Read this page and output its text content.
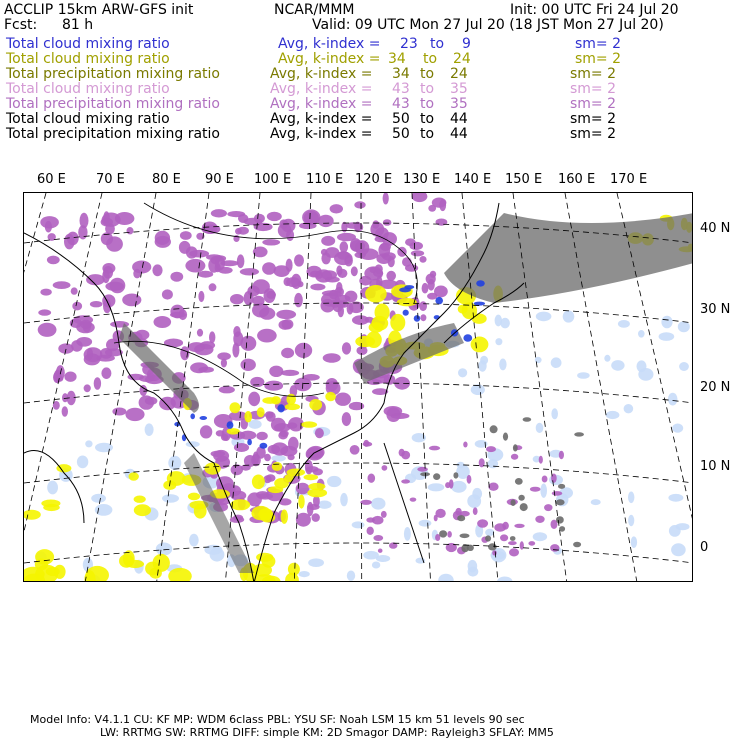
ACCLIP 15km ARW-GFS init	NCAR/MMM	Init: 00 UTC Fri 24 Jul 20
Fcst: 81 h	Valid: 09 UTC Mon 27 Jul 20 (18 JST Mon 27 Jul 20)
Total cloud mixing ratio	Avg, k-index = 23 to 9	sm= 2
Total cloud mixing ratio	Avg, k-index = 34 to 24	sm= 2
Total precipitation mixing ratio	Avg, k-index = 34 to 24	sm= 2
Total cloud mixing ratio	Avg, k-index = 43 to 35	sm= 2
Total precipitation mixing ratio	Avg, k-index = 43 to 35	sm= 2
Total cloud mixing ratio	Avg, k-index = 50 to 44	sm= 2
Total precipitation mixing ratio	Avg, k-index = 50 to 44	sm= 2
60 E 70 E 80 E 90 E 100 E 110 E 120 E 130 E 140 E 150 E 160 E 170 E
40 N
30 N
20 N
10 N
0
Model Info: V4.1.1 CU: KF MP: WDM 6class PBL: YSU SF: Noah LSM 15 km 51 levels 90 sec
LW: RRTMG SW: RRTMG DIFF: simple KM: 2D Smagor DAMP: Rayleigh3 SFLAY: MM5
